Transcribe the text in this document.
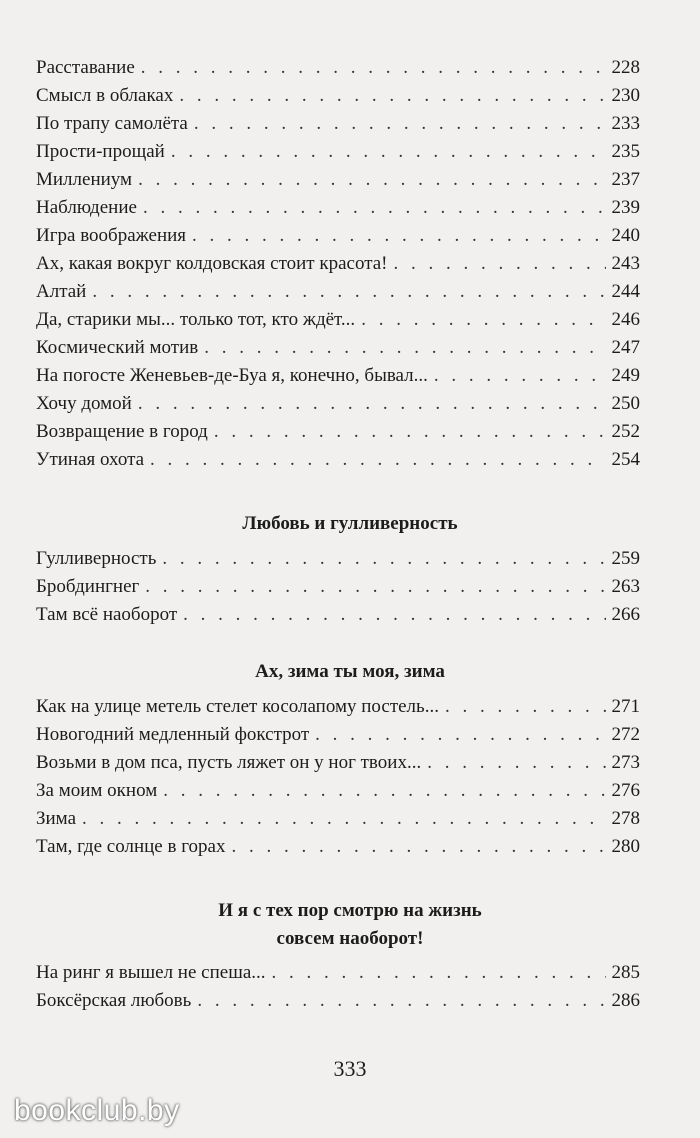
Расставание . . .	228
Смысл в облаках . . .	230
По трапу самолёта . . .	233
Прости-прощай . . .	235
Миллениум . . .	237
Наблюдение . . .	239
Игра воображения . . .	240
Ах, какая вокруг колдовская стоит красота! . . .	243
Алтай . . .	244
Да, старики мы... только тот, кто ждёт... . . .	246
Космический мотив . . .	247
На погосте Женевьев-де-Буа я, конечно, бывал... . . .	249
Хочу домой . . .	250
Возвращение в город . . .	252
Утиная охота . . .	254
Любовь и гулливерность
Гулливерность . . .	259
Бробдингнег . . .	263
Там всё наоборот . . .	266
Ах, зима ты моя, зима
Как на улице метель стелет косолапому постель... . . .	271
Новогодний медленный фокстрот . . .	272
Возьми в дом пса, пусть ляжет он у ног твоих... . . .	273
За моим окном . . .	276
Зима . . .	278
Там, где солнце в горах . . .	280
И я с тех пор смотрю на жизнь
совсем наоборот!
На ринг я вышел не спеша... . . .	285
Боксёрская любовь . . .	286
333
bookclub.by
